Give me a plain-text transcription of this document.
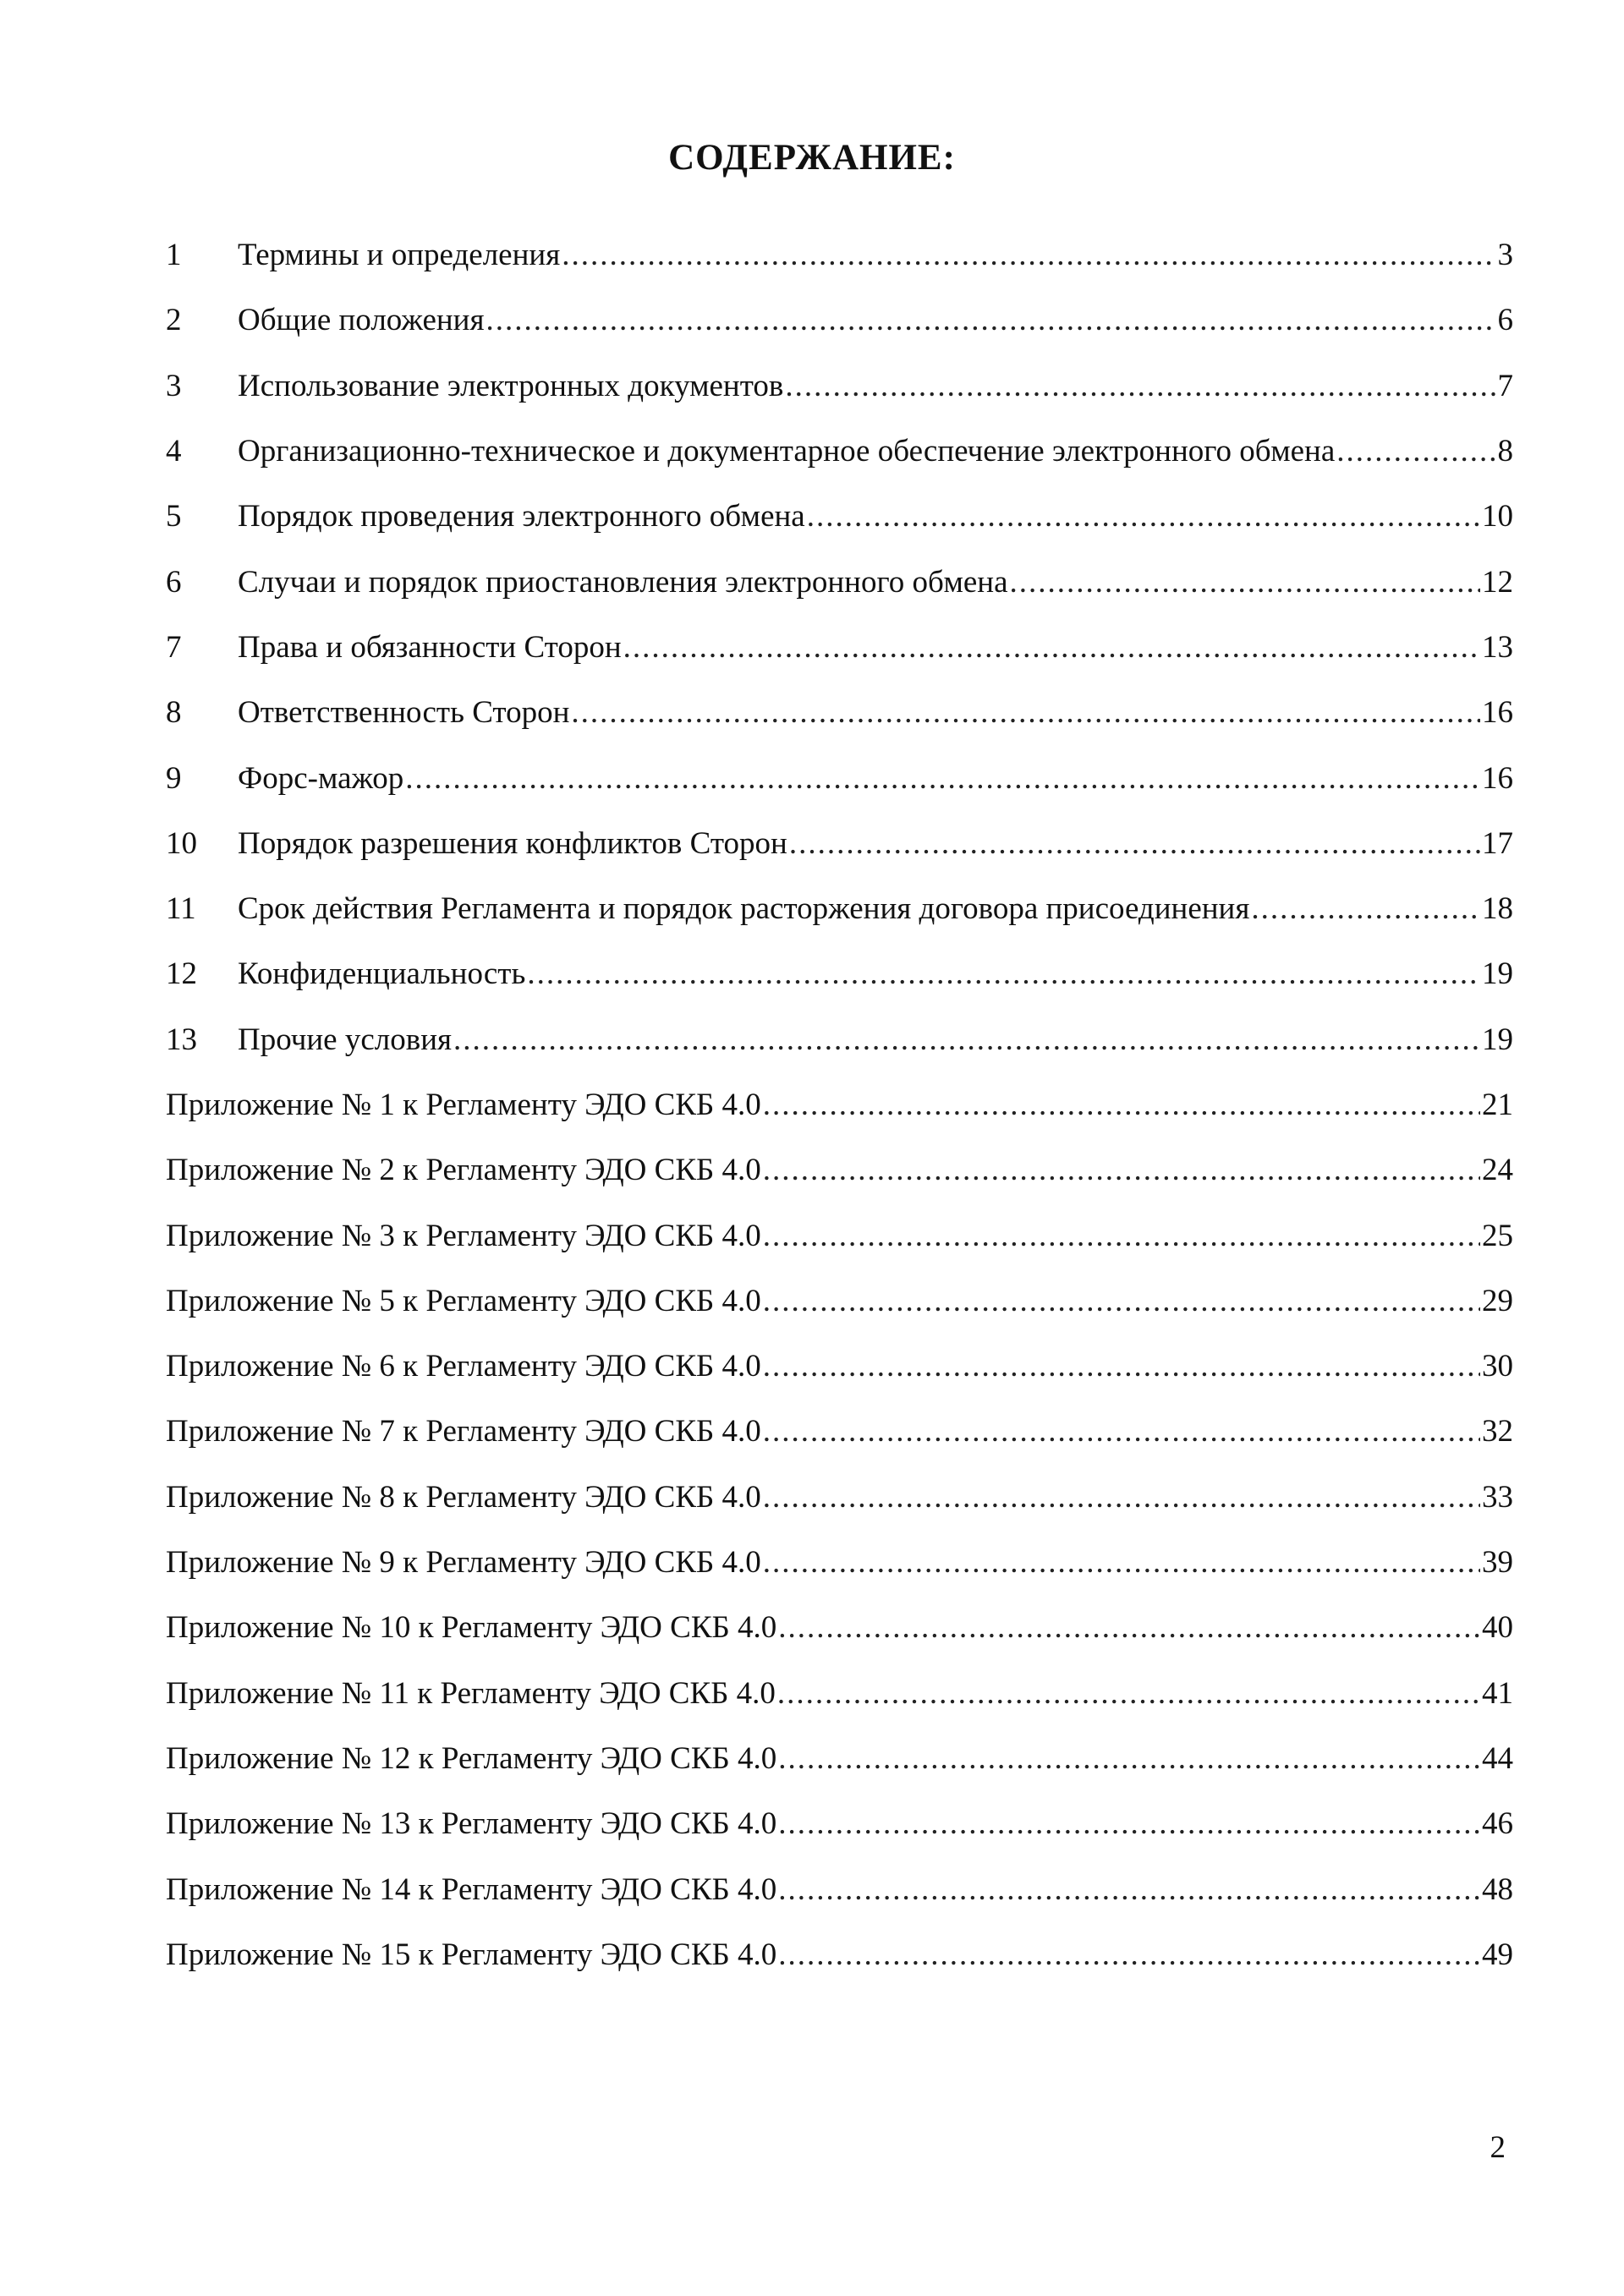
СОДЕРЖАНИЕ:
1	Термины и определения .....	3
2	Общие положения .....	6
3	Использование электронных документов .....	7
4	Организационно-техническое и документарное обеспечение электронного обмена .....	8
5	Порядок проведения электронного обмена .....	10
6	Случаи и порядок приостановления электронного обмена .....	12
7	Права и обязанности Сторон .....	13
8	Ответственность Сторон .....	16
9	Форс-мажор .....	16
10	Порядок разрешения конфликтов Сторон .....	17
11	Срок действия Регламента и порядок расторжения договора присоединения .....	18
12	Конфиденциальность .....	19
13	Прочие условия .....	19
Приложение № 1 к Регламенту ЭДО СКБ 4.0 .....	21
Приложение № 2 к Регламенту ЭДО СКБ 4.0 .....	24
Приложение № 3 к Регламенту ЭДО СКБ 4.0 .....	25
Приложение № 5 к Регламенту ЭДО СКБ 4.0 .....	29
Приложение № 6 к Регламенту ЭДО СКБ 4.0 .....	30
Приложение № 7 к Регламенту ЭДО СКБ 4.0 .....	32
Приложение № 8 к Регламенту ЭДО СКБ 4.0 .....	33
Приложение № 9 к Регламенту ЭДО СКБ 4.0 .....	39
Приложение № 10 к Регламенту ЭДО СКБ 4.0 .....	40
Приложение № 11 к Регламенту ЭДО СКБ 4.0 .....	41
Приложение № 12 к Регламенту ЭДО СКБ 4.0 .....	44
Приложение № 13 к Регламенту ЭДО СКБ 4.0 .....	46
Приложение № 14 к Регламенту ЭДО СКБ 4.0 .....	48
Приложение № 15 к Регламенту ЭДО СКБ 4.0 .....	49
2
